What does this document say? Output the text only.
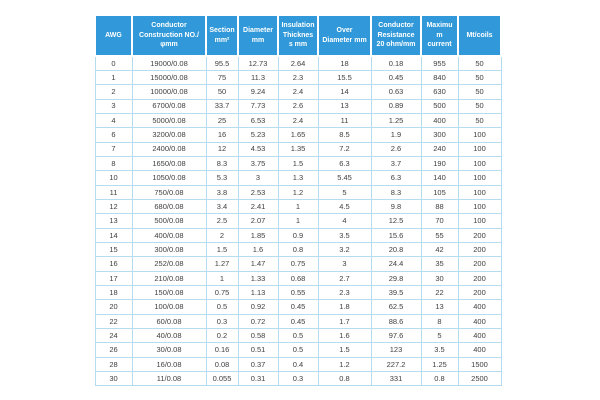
AWG	Conductor Construction NO./φmm	Section mm²	Diameter mm	Insulation Thickness mm	Over Diameter mm	Conductor Resistance 20 ohm/mm	Maximum current	Mt/coils
0	19000/0.08	95.5	12.73	2.64	18	0.18	955	50
1	15000/0.08	75	11.3	2.3	15.5	0.45	840	50
2	10000/0.08	50	9.24	2.4	14	0.63	630	50
3	6700/0.08	33.7	7.73	2.6	13	0.89	500	50
4	5000/0.08	25	6.53	2.4	11	1.25	400	50
6	3200/0.08	16	5.23	1.65	8.5	1.9	300	100
7	2400/0.08	12	4.53	1.35	7.2	2.6	240	100
8	1650/0.08	8.3	3.75	1.5	6.3	3.7	190	100
10	1050/0.08	5.3	3	1.3	5.45	6.3	140	100
11	750/0.08	3.8	2.53	1.2	5	8.3	105	100
12	680/0.08	3.4	2.41	1	4.5	9.8	88	100
13	500/0.08	2.5	2.07	1	4	12.5	70	100
14	400/0.08	2	1.85	0.9	3.5	15.6	55	200
15	300/0.08	1.5	1.6	0.8	3.2	20.8	42	200
16	252/0.08	1.27	1.47	0.75	3	24.4	35	200
17	210/0.08	1	1.33	0.68	2.7	29.8	30	200
18	150/0.08	0.75	1.13	0.55	2.3	39.5	22	200
20	100/0.08	0.5	0.92	0.45	1.8	62.5	13	400
22	60/0.08	0.3	0.72	0.45	1.7	88.6	8	400
24	40/0.08	0.2	0.58	0.5	1.6	97.6	5	400
26	30/0.08	0.16	0.51	0.5	1.5	123	3.5	400
28	16/0.08	0.08	0.37	0.4	1.2	227.2	1.25	1500
30	11/0.08	0.055	0.31	0.3	0.8	331	0.8	2500
